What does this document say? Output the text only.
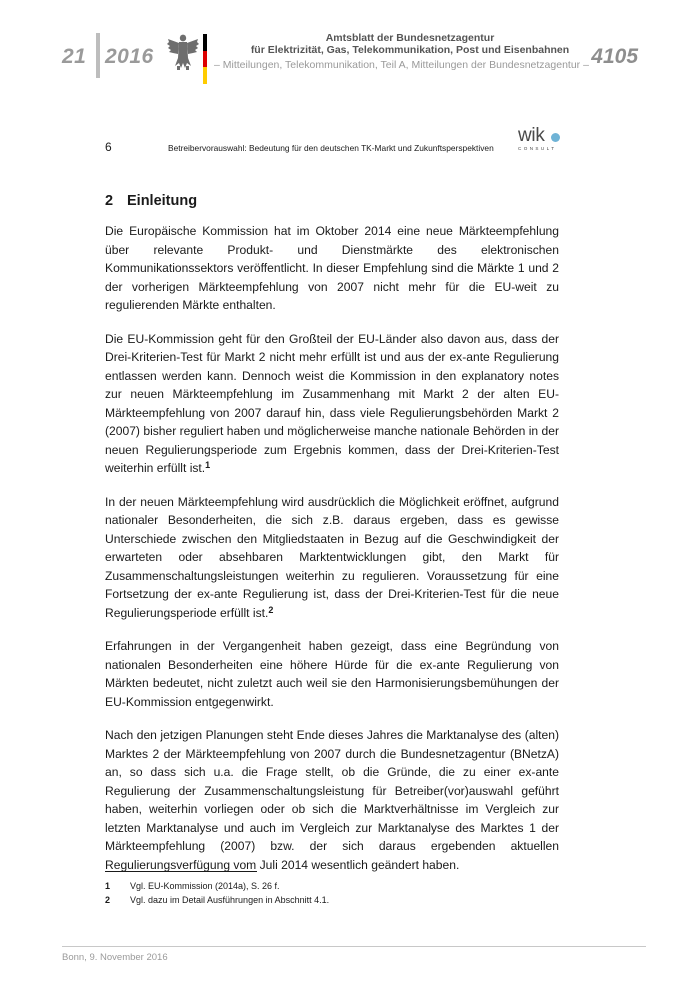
21 2016
Amtsblatt der Bundesnetzagentur
für Elektrizität, Gas, Telekommunikation, Post und Eisenbahnen
– Mitteilungen, Telekommunikation, Teil A, Mitteilungen der Bundesnetzagentur – 4105
6	Betreibervorauswahl: Bedeutung für den deutschen TK-Markt und Zukunftsperspektiven
wik
CONSULT
2 Einleitung

Die Europäische Kommission hat im Oktober 2014 eine neue Märkteempfehlung über relevante Produkt- und Dienstmärkte des elektronischen Kommunikationssektors veröffentlicht. In dieser Empfehlung sind die Märkte 1 und 2 der vorherigen Märkteempfehlung von 2007 nicht mehr für die EU-weit zu regulierenden Märkte enthalten.

Die EU-Kommission geht für den Großteil der EU-Länder also davon aus, dass der Drei-Kriterien-Test für Markt 2 nicht mehr erfüllt ist und aus der ex-ante Regulierung entlassen werden kann. Dennoch weist die Kommission in den explanatory notes zur neuen Märkteempfehlung im Zusammenhang mit Markt 2 der alten EU-Märkteempfehlung von 2007 darauf hin, dass viele Regulierungsbehörden Markt 2 (2007) bisher reguliert haben und möglicherweise manche nationale Behörden in der neuen Regulierungsperiode zum Ergebnis kommen, dass der Drei-Kriterien-Test weiterhin erfüllt ist.$^1$

In der neuen Märkteempfehlung wird ausdrücklich die Möglichkeit eröffnet, aufgrund nationaler Besonderheiten, die sich z.B. daraus ergeben, dass es gewisse Unterschiede zwischen den Mitgliedstaaten in Bezug auf die Geschwindigkeit der erwarteten oder absehbaren Marktentwicklungen gibt, den Markt für Zusammenschaltungsleistungen weiterhin zu regulieren. Voraussetzung für eine Fortsetzung der ex-ante Regulierung ist, dass der Drei-Kriterien-Test für die neue Regulierungsperiode erfüllt ist.$^2$

Erfahrungen in der Vergangenheit haben gezeigt, dass eine Begründung von nationalen Besonderheiten eine höhere Hürde für die ex-ante Regulierung von Märkten bedeutet, nicht zuletzt auch weil sie den Harmonisierungsbemühungen der EU-Kommission entgegenwirkt.

Nach den jetzigen Planungen steht Ende dieses Jahres die Marktanalyse des (alten) Marktes 2 der Märkteempfehlung von 2007 durch die Bundesnetzagentur (BNetzA) an, so dass sich u.a. die Frage stellt, ob die Gründe, die zu einer ex-ante Regulierung der Zusammenschaltungsleistung für Betreiber(vor)auswahl geführt haben, weiterhin vorliegen oder ob sich die Marktverhältnisse im Vergleich zur letzten Marktanalyse und auch im Vergleich zur Marktanalyse des Marktes 1 der Märkteempfehlung (2007) bzw. der sich daraus ergebenden aktuellen Regulierungsverfügung vom Juli 2014 wesentlich geändert haben.

1	Vgl. EU-Kommission (2014a), S. 26 f.
2	Vgl. dazu im Detail Ausführungen in Abschnitt 4.1.
Bonn, 9. November 2016
